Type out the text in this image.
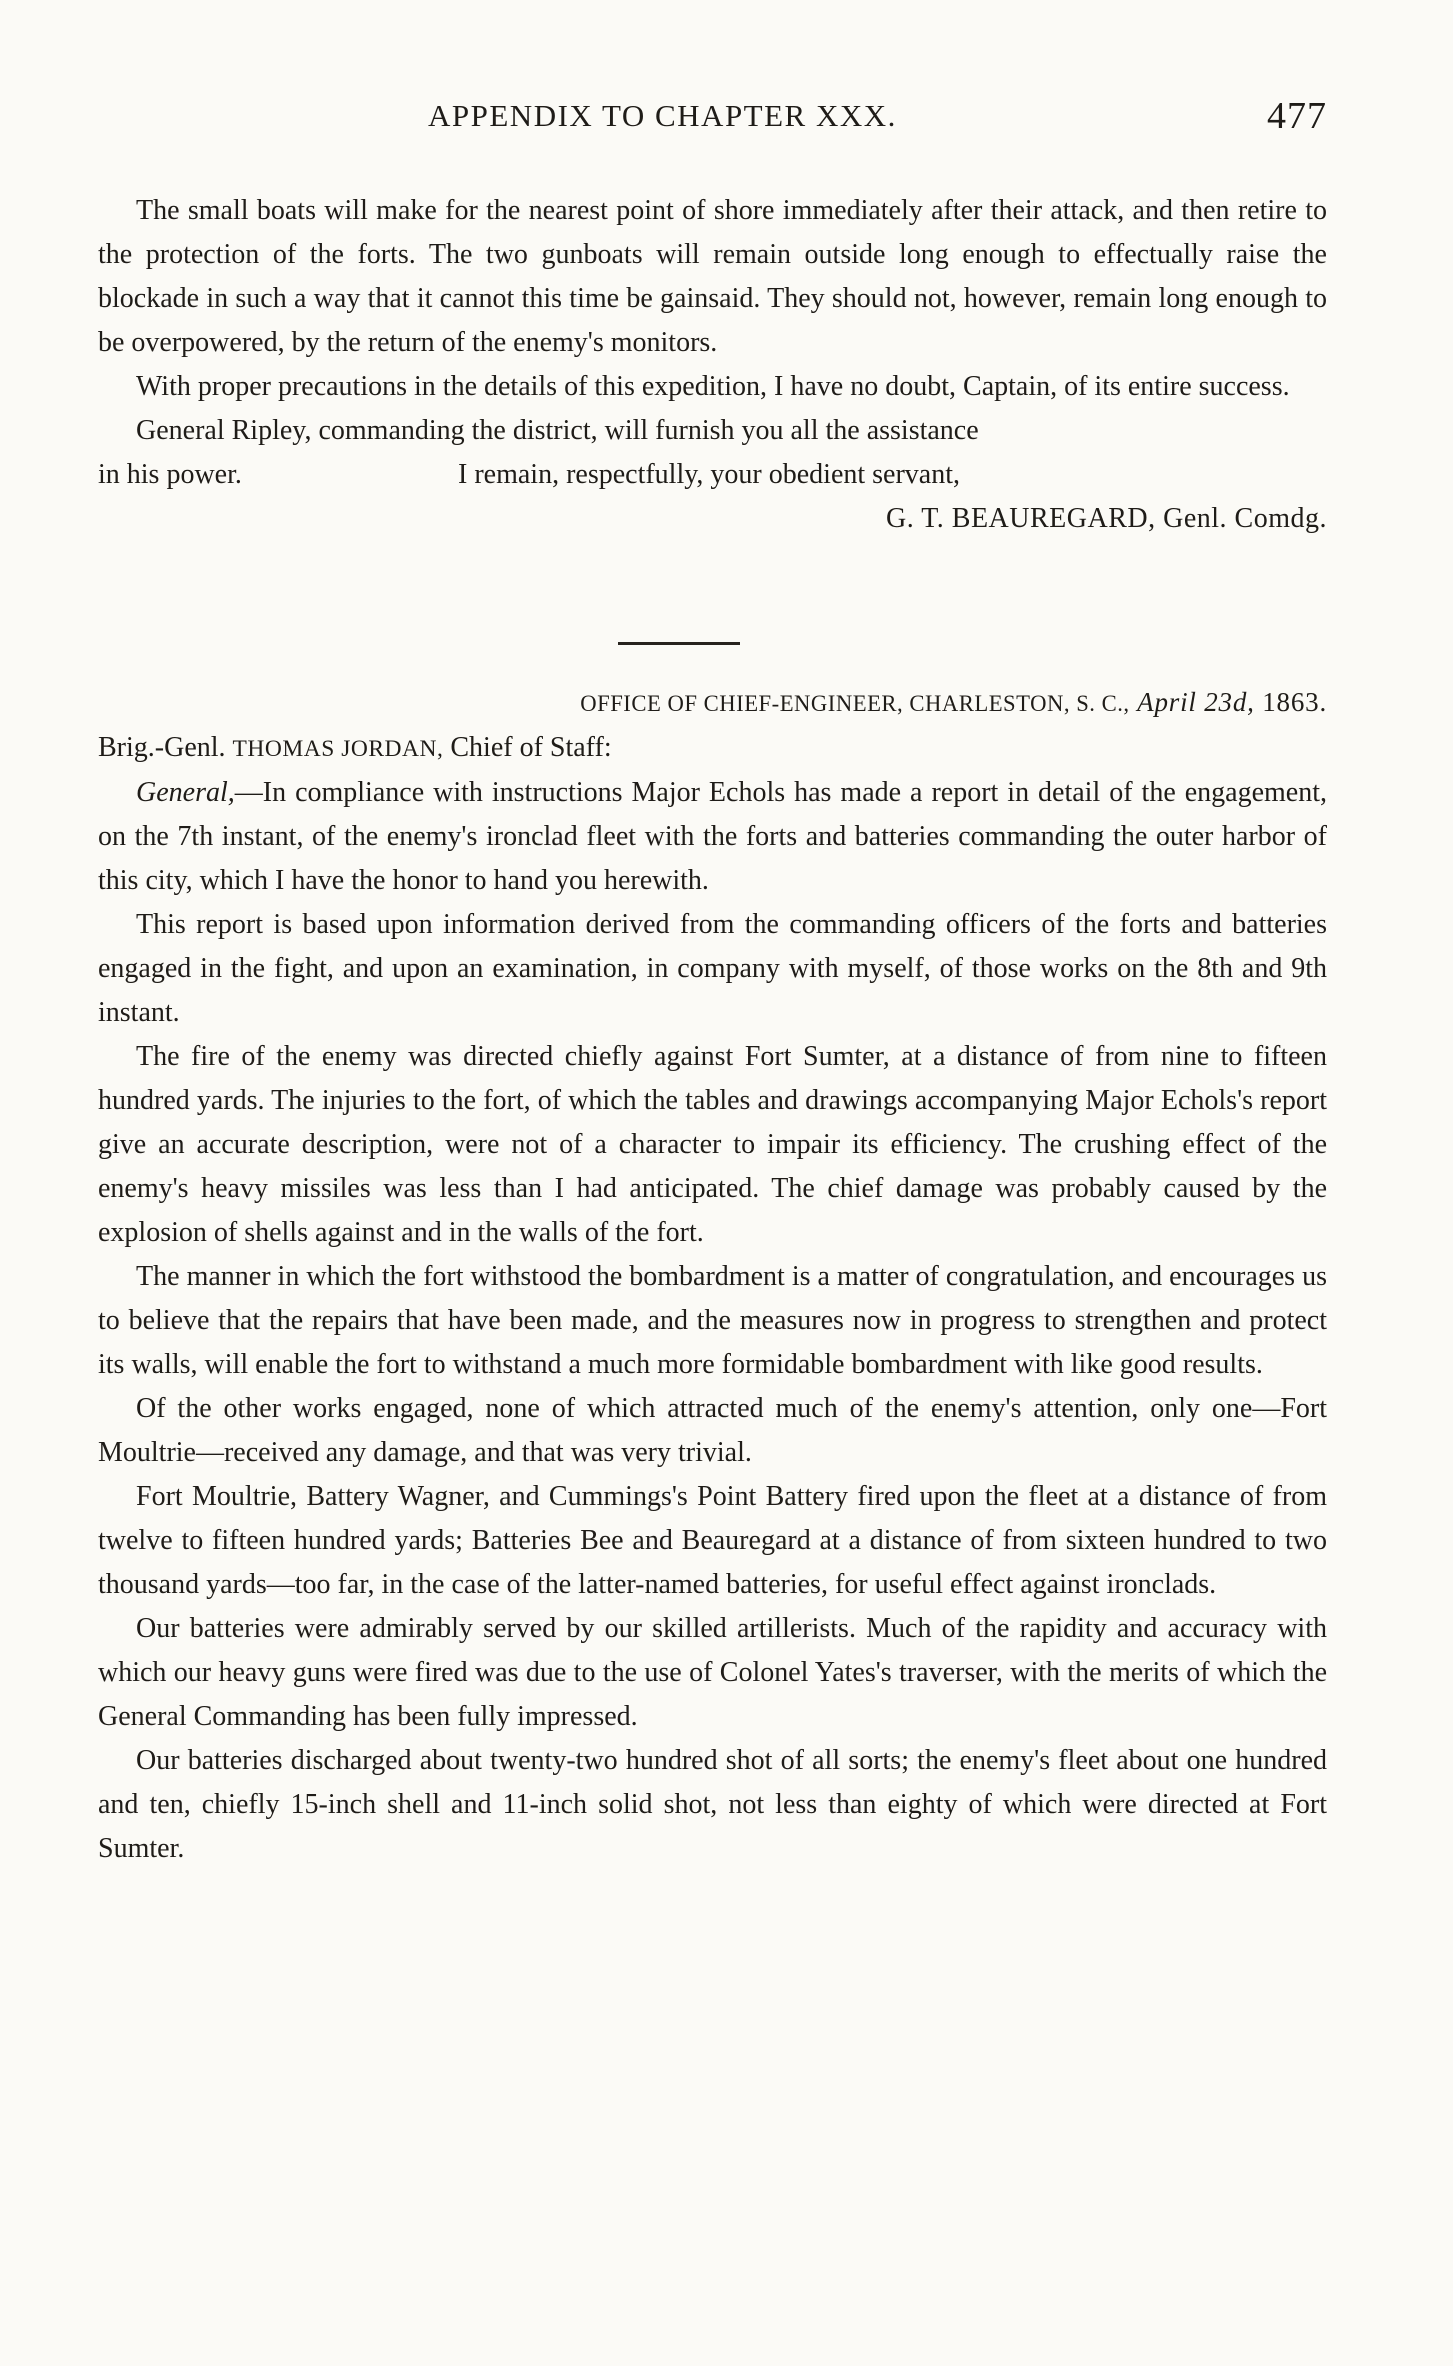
APPENDIX TO CHAPTER XXX.	477

The small boats will make for the nearest point of shore immediately after their attack, and then retire to the protection of the forts. The two gunboats will remain outside long enough to effectually raise the blockade in such a way that it cannot this time be gainsaid. They should not, however, remain long enough to be overpowered, by the return of the enemy's monitors.

With proper precautions in the details of this expedition, I have no doubt, Captain, of its entire success.

General Ripley, commanding the district, will furnish you all the assistance

in his power.	I remain, respectfully, your obedient servant,

G. T. BEAUREGARD, Genl. Comdg.

OFFICE OF CHIEF-ENGINEER, CHARLESTON, S. C., April 23d, 1863.

Brig.-Genl. THOMAS JORDAN, Chief of Staff:

General,—In compliance with instructions Major Echols has made a report in detail of the engagement, on the 7th instant, of the enemy's ironclad fleet with the forts and batteries commanding the outer harbor of this city, which I have the honor to hand you herewith.

This report is based upon information derived from the commanding officers of the forts and batteries engaged in the fight, and upon an examination, in company with myself, of those works on the 8th and 9th instant.

The fire of the enemy was directed chiefly against Fort Sumter, at a distance of from nine to fifteen hundred yards. The injuries to the fort, of which the tables and drawings accompanying Major Echols's report give an accurate description, were not of a character to impair its efficiency. The crushing effect of the enemy's heavy missiles was less than I had anticipated. The chief damage was probably caused by the explosion of shells against and in the walls of the fort.

The manner in which the fort withstood the bombardment is a matter of congratulation, and encourages us to believe that the repairs that have been made, and the measures now in progress to strengthen and protect its walls, will enable the fort to withstand a much more formidable bombardment with like good results.

Of the other works engaged, none of which attracted much of the enemy's attention, only one—Fort Moultrie—received any damage, and that was very trivial.

Fort Moultrie, Battery Wagner, and Cummings's Point Battery fired upon the fleet at a distance of from twelve to fifteen hundred yards; Batteries Bee and Beauregard at a distance of from sixteen hundred to two thousand yards—too far, in the case of the latter-named batteries, for useful effect against ironclads.

Our batteries were admirably served by our skilled artillerists. Much of the rapidity and accuracy with which our heavy guns were fired was due to the use of Colonel Yates's traverser, with the merits of which the General Commanding has been fully impressed.

Our batteries discharged about twenty-two hundred shot of all sorts; the enemy's fleet about one hundred and ten, chiefly 15-inch shell and 11-inch solid shot, not less than eighty of which were directed at Fort Sumter.
